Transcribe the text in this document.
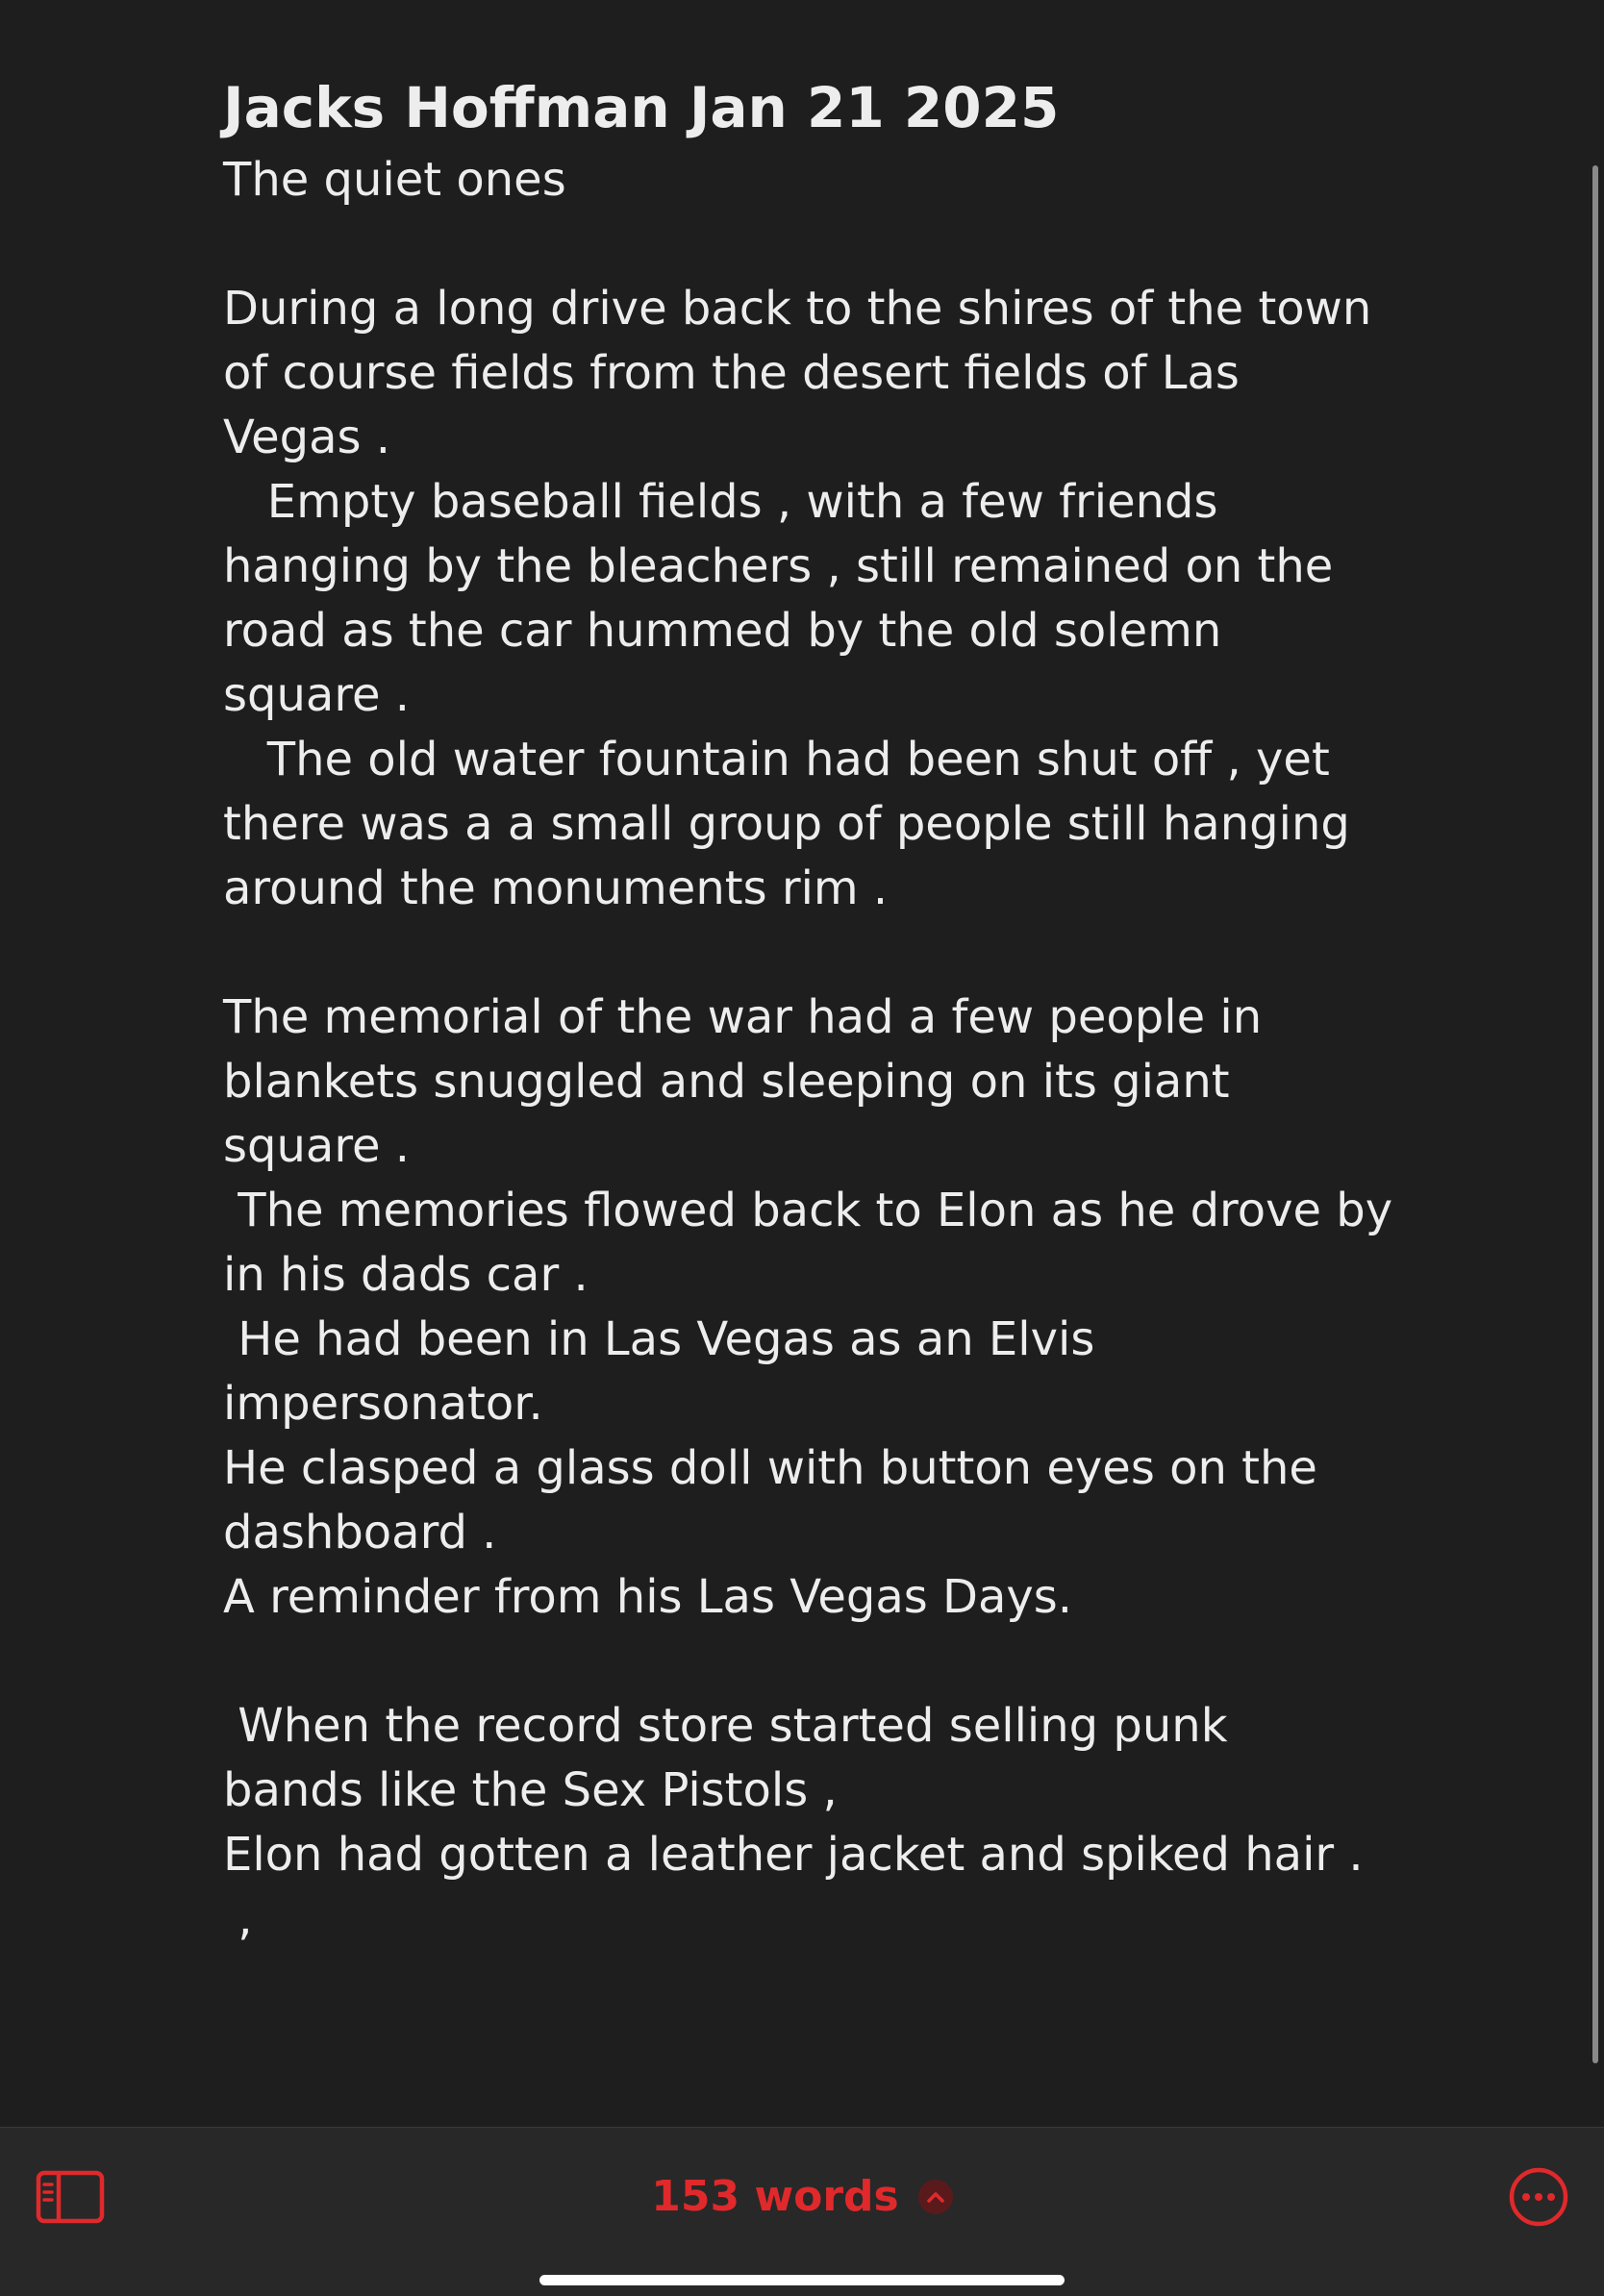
Jacks Hoffman Jan 21 2025

The quiet ones

During a long drive back to the shires of the town

of course fields from the desert fields of Las

Vegas .

Empty baseball fields , with a few friends

hanging by the bleachers , still remained on the

road as the car hummed by the old solemn

square .

The old water fountain had been shut off , yet

there was a a small group of people still hanging

around the monuments rim .

The memorial of the war had a few people in

blankets snuggled and sleeping on its giant

square .

The memories flowed back to Elon as he drove by

in his dads car .

He had been in Las Vegas as an Elvis

impersonator.

He clasped a glass doll with button eyes on the

dashboard .

A reminder from his Las Vegas Days.

When the record store started selling punk

bands like the Sex Pistols ,

Elon had gotten a leather jacket and spiked hair .

,

153 words
